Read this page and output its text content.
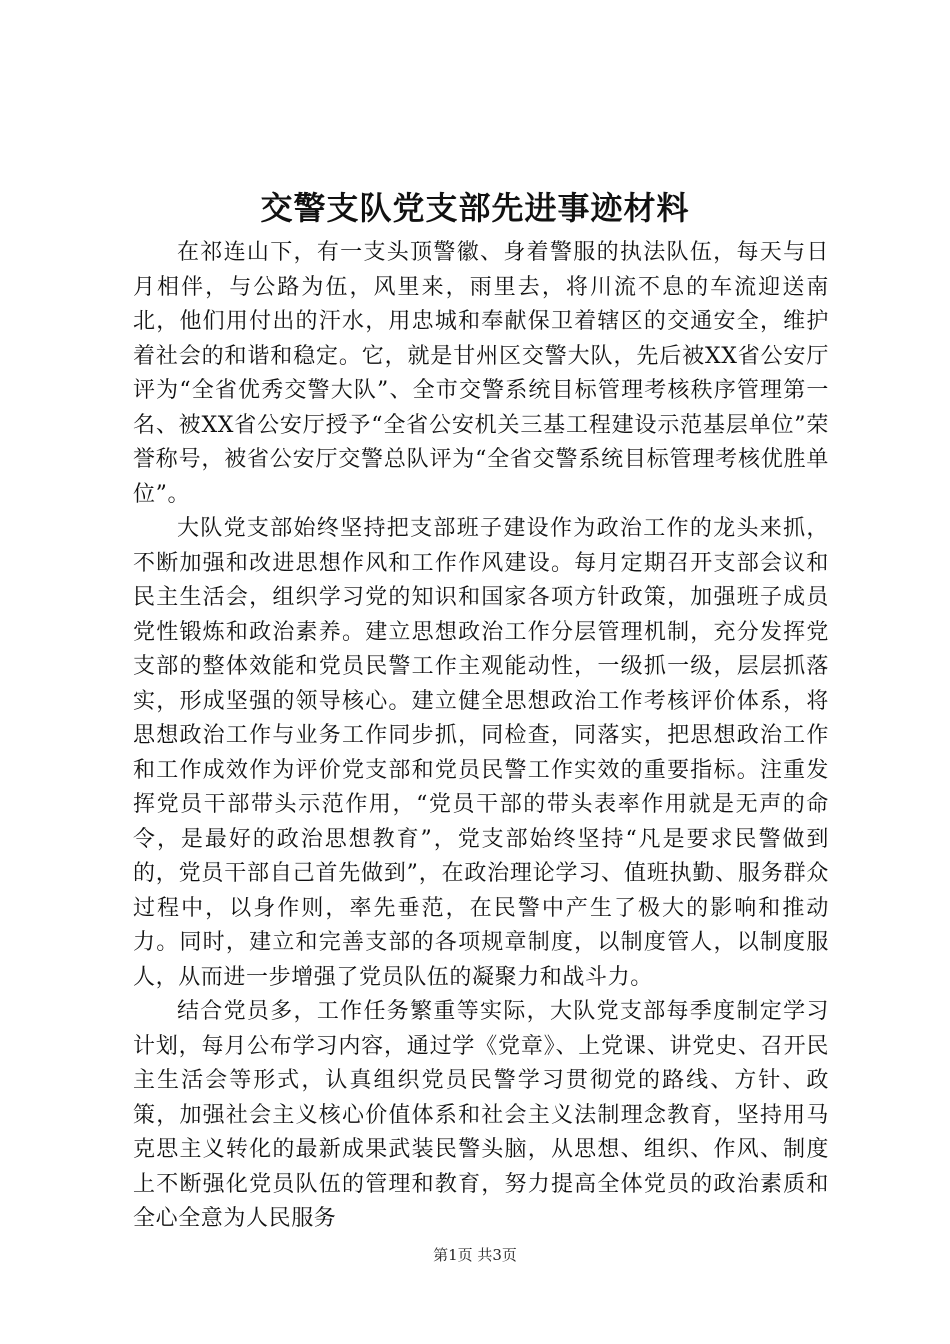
交警支队党支部先进事迹材料

在祁连山下，有一支头顶警徽、身着警服的执法队伍，每天与日月相伴，与公路为伍，风里来，雨里去，将川流不息的车流迎送南北，他们用付出的汗水，用忠城和奉献保卫着辖区的交通安全，维护着社会的和谐和稳定。它，就是甘州区交警大队，先后被XX省公安厅评为“全省优秀交警大队”、全市交警系统目标管理考核秩序管理第一名、被XX省公安厅授予“全省公安机关三基工程建设示范基层单位”荣誉称号，被省公安厅交警总队评为“全省交警系统目标管理考核优胜单位”。

大队党支部始终坚持把支部班子建设作为政治工作的龙头来抓，不断加强和改进思想作风和工作作风建设。每月定期召开支部会议和民主生活会，组织学习党的知识和国家各项方针政策，加强班子成员党性锻炼和政治素养。建立思想政治工作分层管理机制，充分发挥党支部的整体效能和党员民警工作主观能动性，一级抓一级，层层抓落实，形成坚强的领导核心。建立健全思想政治工作考核评价体系，将思想政治工作与业务工作同步抓，同检查，同落实，把思想政治工作和工作成效作为评价党支部和党员民警工作实效的重要指标。注重发挥党员干部带头示范作用，“党员干部的带头表率作用就是无声的命令，是最好的政治思想教育”，党支部始终坚持“凡是要求民警做到的，党员干部自己首先做到”，在政治理论学习、值班执勤、服务群众过程中，以身作则，率先垂范，在民警中产生了极大的影响和推动力。同时，建立和完善支部的各项规章制度，以制度管人，以制度服人，从而进一步增强了党员队伍的凝聚力和战斗力。

结合党员多，工作任务繁重等实际，大队党支部每季度制定学习计划，每月公布学习内容，通过学《党章》、上党课、讲党史、召开民主生活会等形式，认真组织党员民警学习贯彻党的路线、方针、政策，加强社会主义核心价值体系和社会主义法制理念教育，坚持用马克思主义转化的最新成果武装民警头脑，从思想、组织、作风、制度上不断强化党员队伍的管理和教育，努力提高全体党员的政治素质和全心全意为人民服务

第1页 共3页
